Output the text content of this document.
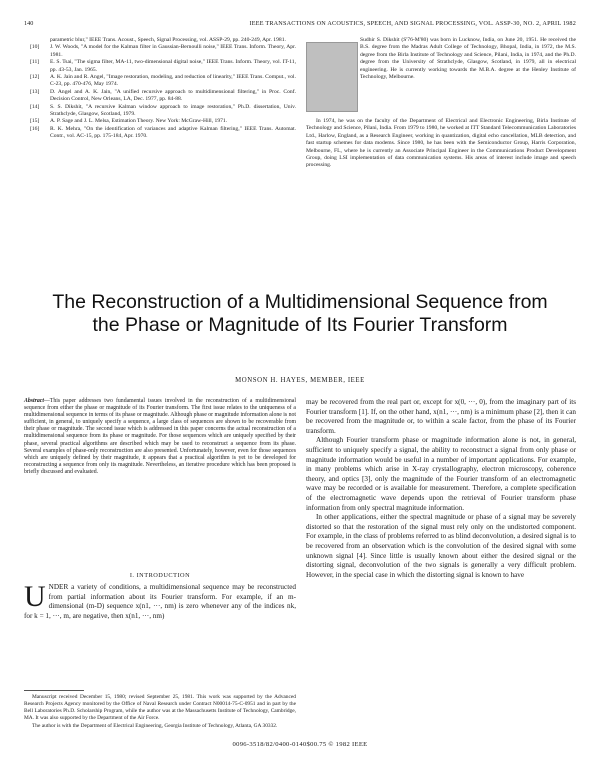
140	IEEE TRANSACTIONS ON ACOUSTICS, SPEECH, AND SIGNAL PROCESSING, VOL. ASSP-30, NO. 2, APRIL 1982

parametric blur," IEEE Trans. Acoust., Speech, Signal Processing, vol. ASSP-29, pp. 240-249, Apr. 1981.

[10] J. W. Woods, "A model for the Kalman filter in Gaussian-Bernoulli noise," IEEE Trans. Inform. Theory, Apr. 1981.

[11] E. S. Tsai, "The sigma filter, MA-11, two-dimensional digital noise," IEEE Trans. Inform. Theory, vol. IT-11, pp. 43-53, Jan. 1965.

[12] A. K. Jain and R. Angel, "Image restoration, modeling, and reduction of linearity," IEEE Trans. Comput., vol. C-23, pp. 470-476, May 1974.

[13] D. Angel and A. K. Jain, "A unified recursive approach to multidimensional filtering," in Proc. Conf. Decision Control, New Orleans, LA, Dec. 1977, pp. 84-88.

[14] S. S. Dikshit, "A recursive Kalman window approach to image restoration," Ph.D. dissertation, Univ. Strathclyde, Glasgow, Scotland, 1979.

[15] A. P. Sage and J. L. Melsa, Estimation Theory. New York: McGraw-Hill, 1971.

[16] R. K. Mehra, "On the identification of variances and adaptive Kalman filtering," IEEE Trans. Automat. Contr., vol. AC-15, pp. 175-184, Apr. 1970.

Sudhir S. Dikshit (S'76-M'80) was born in Lucknow, India, on June 20, 1951. He received the B.S. degree from the Madras Adult College of Technology, Bhopal, India, in 1972, the M.S. degree from the Birla Institute of Technology and Science, Pilani, India, in 1974, and the Ph.D. degree from the University of Strathclyde, Glasgow, Scotland, in 1979, all in electrical engineering. He is currently working towards the M.B.A. degree at the Henley Institute of Technology, Melbourne.
In 1974, he was on the faculty of the Department of Electrical and Electronic Engineering, Birla Institute of Technology and Science, Pilani, India. From 1979 to 1980, he worked at ITT Standard Telecommunication Laboratories Ltd., Harlow, England, as a Research Engineer, working in quantization, digital echo cancellation, MLB detection, and fast startup schemes for data modems. Since 1980, he has been with the Semiconductor Group, Harris Corporation, Melbourne, FL, where he is currently an Associate Principal Engineer in the Communications Product Development Group, doing LSI implementation of data communication systems. His areas of interest include image and speech processing.
The Reconstruction of a Multidimensional Sequence from the Phase or Magnitude of Its Fourier Transform
MONSON H. HAYES, MEMBER, IEEE
Abstract—This paper addresses two fundamental issues involved in the reconstruction of a multidimensional sequence from either the phase or magnitude of its Fourier transform. The first issue relates to the uniqueness of a multidimensional sequence in terms of its phase or magnitude. Although phase or magnitude information alone is not sufficient, in general, to uniquely specify a sequence, a large class of sequences are shown to be recoverable from their phase or magnitude. The second issue which is addressed in this paper concerns the actual reconstruction of a multidimensional sequence from its phase or magnitude. For those sequences which are uniquely specified by their phase, several practical algorithms are described which may be used to reconstruct a sequence from its phase. Several examples of phase-only reconstruction are also presented. Unfortunately, however, even for those sequences which are uniquely defined by their magnitude, it appears that a practical algorithm is yet to be developed for reconstructing a sequence from only its magnitude. Nevertheless, an iterative procedure which has been proposed is briefly discussed and evaluated.
I. INTRODUCTION
UNDER a variety of conditions, a multidimensional sequence may be reconstructed from partial information about its Fourier transform. For example, if an m-dimensional (m-D) sequence x(n1, ···, nm) is zero whenever any of the indices nk, for k = 1, ···, m, are negative, then x(n1, ···, nm)

Manuscript received December 15, 1980; revised September 25, 1981. This work was supported by the Advanced Research Projects Agency monitored by the Office of Naval Research under Contract N00014-75-C-0951 and in part by the Bell Laboratories Ph.D. Scholarship Program, while the author was at the Massachusetts Institute of Technology, Cambridge, MA. It was also supported by the Department of the Air Force.

The author is with the Department of Electrical Engineering, Georgia Institute of Technology, Atlanta, GA 30332.

may be recovered from the real part or, except for x(0, ···, 0), from the imaginary part of its Fourier transform [1]. If, on the other hand, x(n1, ···, nm) is a minimum phase [2], then it can be recovered from the magnitude or, to within a scale factor, from the phase of its Fourier transform.

Although Fourier transform phase or magnitude information alone is not, in general, sufficient to uniquely specify a signal, the ability to reconstruct a signal from only phase or magnitude information would be useful in a number of important applications. For example, in many problems which arise in X-ray crystallography, electron microscopy, coherence theory, and optics [3], only the magnitude of the Fourier transform of an electromagnetic wave may be recorded or is available for measurement. Therefore, a complete specification of the electromagnetic wave depends upon the retrieval of Fourier transform phase information from only spectral magnitude information.

In other applications, either the spectral magnitude or phase of a signal may be severely distorted so that the restoration of the signal must rely only on the undistorted component. For example, in the class of problems referred to as blind deconvolution, a desired signal is to be recovered from an observation which is the convolution of the desired signal with some unknown signal [4]. Since little is usually known about either the desired signal or the distorting signal, deconvolution of the two signals is generally a very difficult problem. However, in the special case in which the distorting signal is known to have

0096-3518/82/0400-0140$00.75 © 1982 IEEE
